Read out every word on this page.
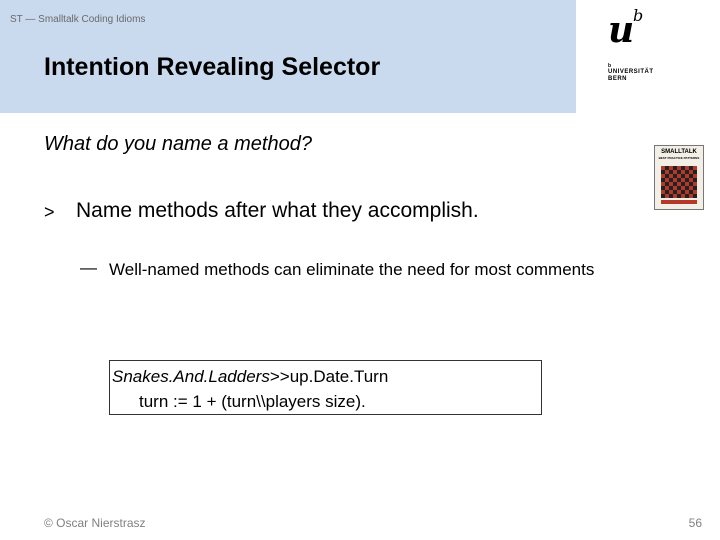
ST — Smalltalk Coding Idioms
Intention Revealing Selector
u
b
b
UNIVERSITÄT
BERN
SMALLTALK
BEST PRACTICE PATTERNS
What do you name a method?
> Name methods after what they accomplish.
— Well-named methods can eliminate the need for most comments
Snakes.And.Ladders>>up.Date.Turn
turn := 1 + (turn\\players size).
© Oscar Nierstrasz	56
